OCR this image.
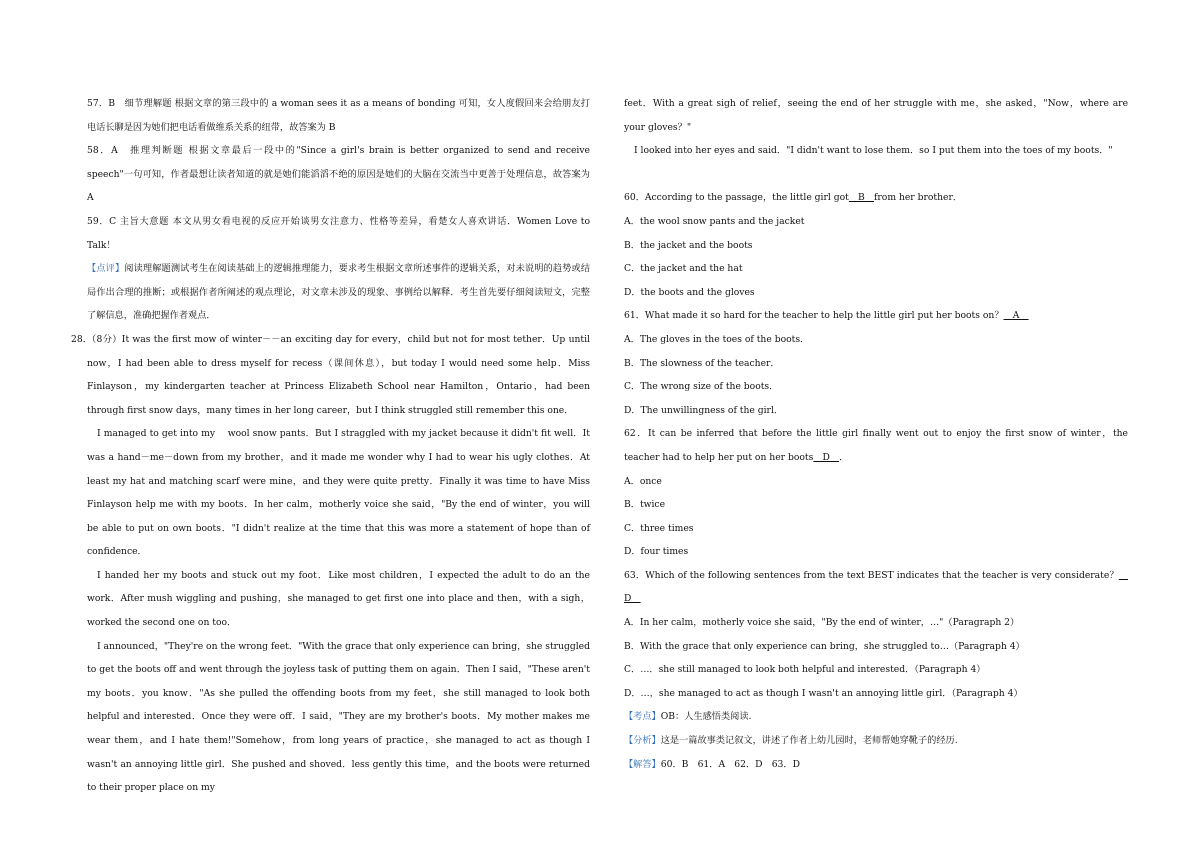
57．B　细节理解题 根据文章的第三段中的 a woman sees it as a means of bonding 可知，女人度假回来会给朋友打电话长聊是因为她们把电话看做维系关系的纽带，故答案为 B

58．A　推理判断题 根据文章最后一段中的"Since a girl's brain is better organized to send and receive speech"一句可知，作者最想让读者知道的就是她们能滔滔不绝的原因是她们的大脑在交流当中更善于处理信息，故答案为 A

59．C 主旨大意题 本文从男女看电视的反应开始谈男女注意力、性格等差异，看楚女人喜欢讲话．Women Love to Talk！

【点评】阅读理解题测试考生在阅读基础上的逻辑推理能力，要求考生根据文章所述事件的逻辑关系，对未说明的趋势或结局作出合理的推断；或根据作者所阐述的观点理论，对文章未涉及的现象、事例给以解释．考生首先要仔细阅读短文，完整了解信息，准确把握作者观点．

28．

（8分）It was the first mow of winter－－an exciting day for every，child but not for most tether．Up until now，I had been able to dress myself for recess（课间休息），but today I would need some help．Miss Finlayson，my kindergarten teacher at Princess Elizabeth School near Hamilton，Ontario，had been through first snow days，many times in her long career，but I think struggled still remember this one．

I managed to get into my　 wool snow pants．But I straggled with my jacket because it didn't fit well．It was a hand－me－down from my brother，and it made me wonder why I had to wear his ugly clothes．At least my hat and matching scarf were mine，and they were quite pretty．Finally it was time to have Miss Finlayson help me with my boots．In her calm，motherly voice she said，"By the end of winter，you will be able to put on own boots．"I didn't realize at the time that this was more a statement of hope than of confidence．

I handed her my boots and stuck out my foot．Like most children，I expected the adult to do an the work．After mush wiggling and pushing，she managed to get first one into place and then，with a sigh，worked the second one on too．

I announced，"They're on the wrong feet．"With the grace that only experience can bring，she struggled to get the boots off and went through the joyless task of putting them on again．Then I said，"These aren't my boots．you know．"As she pulled the offending boots from my feet，she still managed to look both helpful and interested．Once they were off．I said，"They are my brother's boots．My mother makes me wear them，and I hate them!"Somehow，from long years of practice，she managed to act as though I wasn't an annoying little girl．She pushed and shoved．less gently this time，and the boots were returned to their proper place on my

feet．With a great sigh of relief，seeing the end of her struggle with me，she asked，"Now，where are your gloves？"

I looked into her eyes and said．"I didn't want to lose them．so I put them into the toes of my boots．"

60．According to the passage，the little girl got　B　from her brother．

A．the wool snow pants and the jacket

B．the jacket and the boots

C．the jacket and the hat

D．the boots and the gloves

61．What made it so hard for the teacher to help the little girl put her boots on？　A　

A．The gloves in the toes of the boots．

B．The slowness of the teacher．

C．The wrong size of the boots．

D．The unwillingness of the girl．

62．It can be inferred that before the little girl finally went out to enjoy the first snow of winter，the teacher had to help her put on her boots　D　．

A．once

B．twice

C．three times

D．four times

63．Which of the following sentences from the text BEST indicates that the teacher is very considerate？　D　

A．In her calm，motherly voice she said，"By the end of winter，…"（Paragraph 2）

B．With the grace that only experience can bring，she struggled to…（Paragraph 4）

C．…．she still managed to look both helpful and interested．（Paragraph 4）

D．…，she managed to act as though I wasn't an annoying little girl．（Paragraph 4）

【考点】OB：人生感悟类阅读.

【分析】这是一篇故事类记叙文，讲述了作者上幼儿园时，老师帮她穿靴子的经历.

【解答】60．B　61．A　62．D　63．D
